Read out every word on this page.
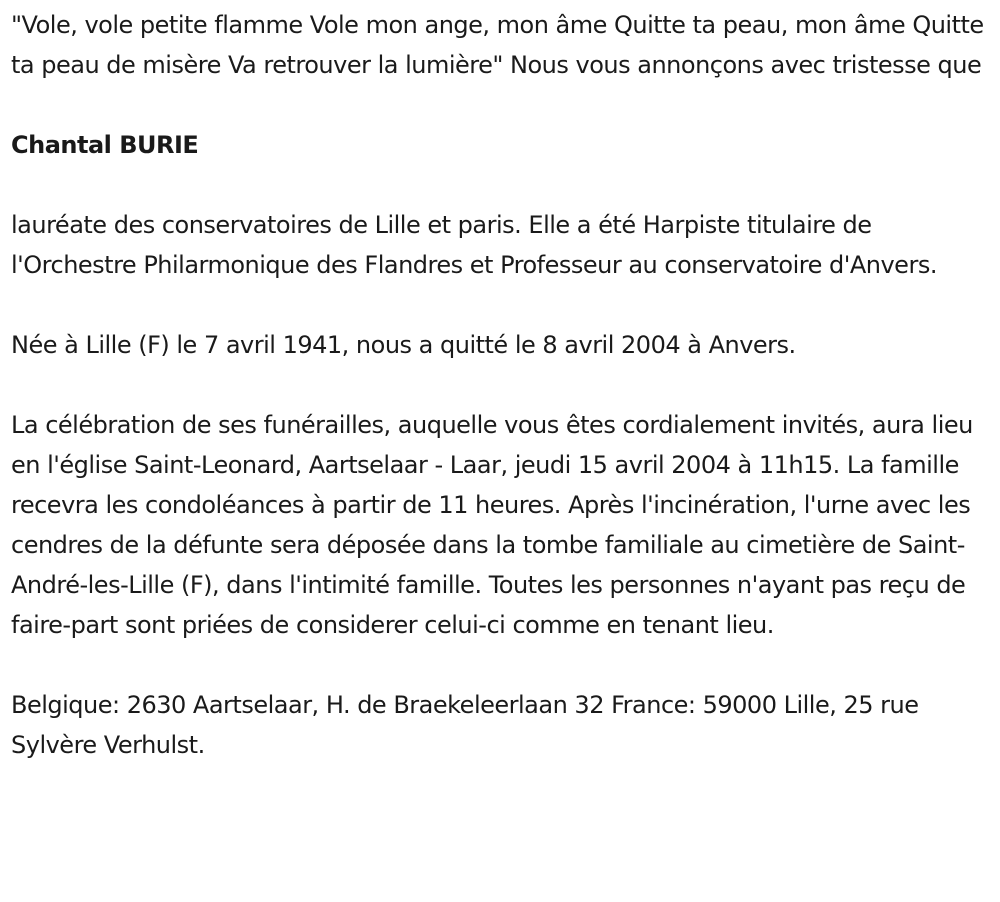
"Vole, vole petite flamme Vole mon ange, mon âme Quitte ta peau, mon âme Quitte ta peau de misère Va retrouver la lumière" Nous vous annonçons avec tristesse que

Chantal BURIE

lauréate des conservatoires de Lille et paris. Elle a été Harpiste titulaire de l'Orchestre Philarmonique des Flandres et Professeur au conservatoire d'Anvers.

Née à Lille (F) le 7 avril 1941, nous a quitté le 8 avril 2004 à Anvers.

La célébration de ses funérailles, auquelle vous êtes cordialement invités, aura lieu en l'église Saint-Leonard, Aartselaar - Laar, jeudi 15 avril 2004 à 11h15. La famille recevra les condoléances à partir de 11 heures. Après l'incinération, l'urne avec les cendres de la défunte sera déposée dans la tombe familiale au cimetière de Saint-André-les-Lille (F), dans l'intimité famille. Toutes les personnes n'ayant pas reçu de faire-part sont priées de considerer celui-ci comme en tenant lieu.

Belgique: 2630 Aartselaar, H. de Braekeleerlaan 32 France: 59000 Lille, 25 rue Sylvère Verhulst.
